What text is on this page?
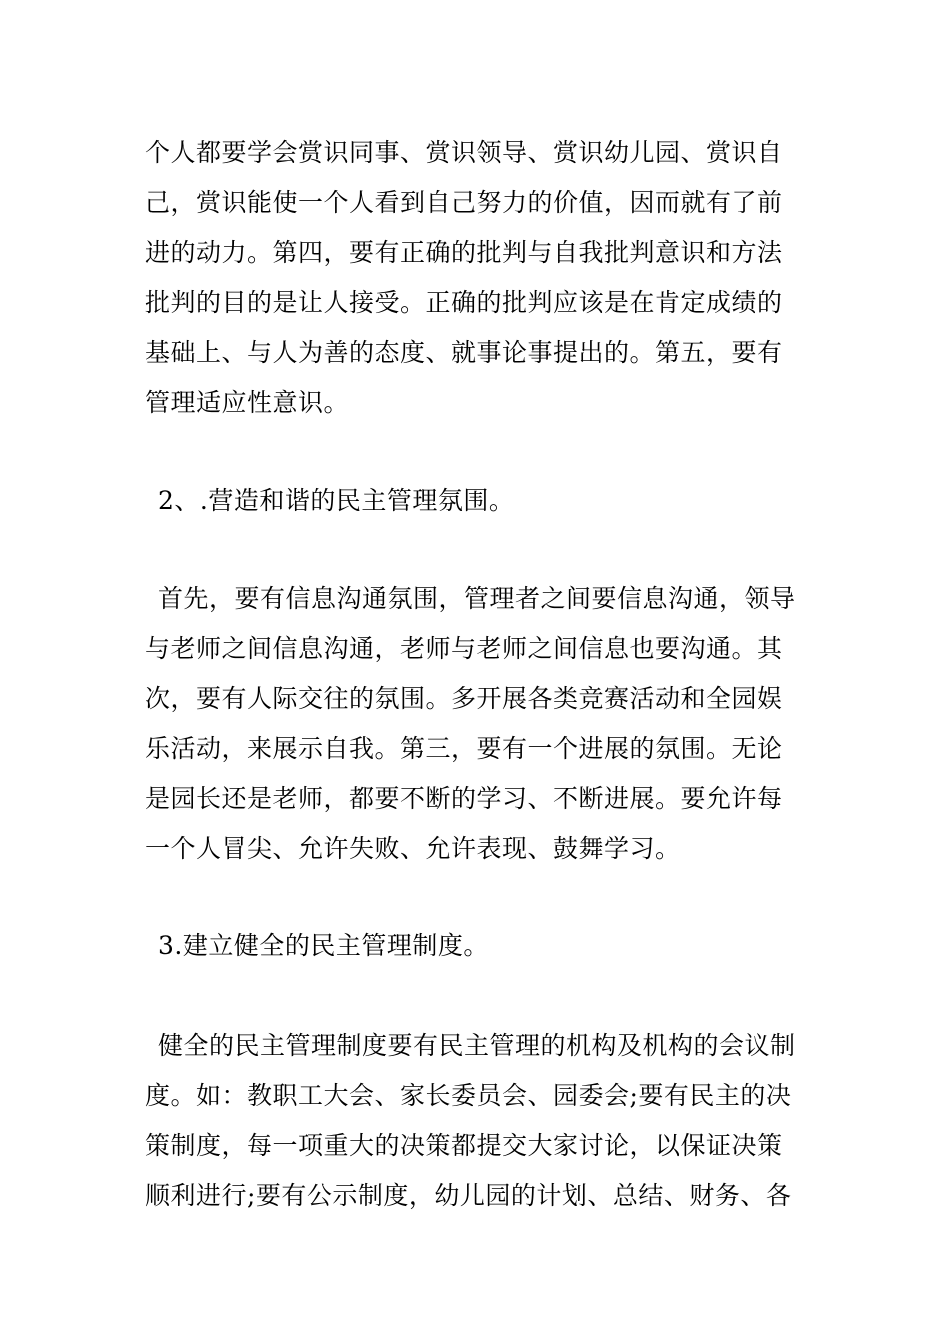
个人都要学会赏识同事、赏识领导、赏识幼儿园、赏识自
己，赏识能使一个人看到自己努力的价值，因而就有了前
进的动力。第四，要有正确的批判与自我批判意识和方法
批判的目的是让人接受。正确的批判应该是在肯定成绩的
基础上、与人为善的态度、就事论事提出的。第五，要有
管理适应性意识。
2、.营造和谐的民主管理氛围。
首先，要有信息沟通氛围，管理者之间要信息沟通，领导
与老师之间信息沟通，老师与老师之间信息也要沟通。其
次，要有人际交往的氛围。多开展各类竞赛活动和全园娱
乐活动，来展示自我。第三，要有一个进展的氛围。无论
是园长还是老师，都要不断的学习、不断进展。要允许每
一个人冒尖、允许失败、允许表现、鼓舞学习。
3.建立健全的民主管理制度。
健全的民主管理制度要有民主管理的机构及机构的会议制
度。如：教职工大会、家长委员会、园委会;要有民主的决
策制度，每一项重大的决策都提交大家讨论，以保证决策
顺利进行;要有公示制度，幼儿园的计划、总结、财务、各
